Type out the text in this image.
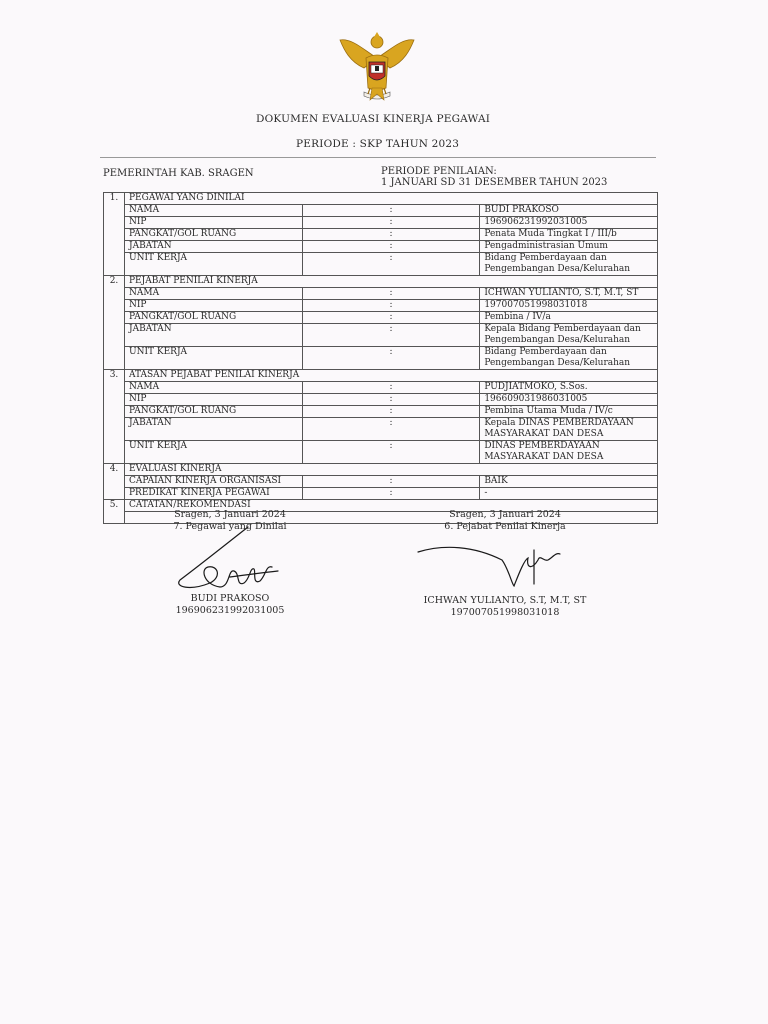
DOKUMEN EVALUASI KINERJA PEGAWAI
PERIODE : SKP TAHUN 2023
PEMERINTAH KAB. SRAGEN	PERIODE PENILAIAN:
1 JANUARI SD 31 DESEMBER TAHUN 2023
1.	PEGAWAI YANG DINILAI		
	NAMA	:	BUDI PRAKOSO
	NIP	:	196906231992031005
	PANGKAT/GOL RUANG	:	Penata Muda Tingkat I / III/b
	JABATAN	:	Pengadministrasian Umum
	UNIT KERJA	:	Bidang Pemberdayaan dan Pengembangan Desa/Kelurahan
2.	PEJABAT PENILAI KINERJA		
	NAMA	:	ICHWAN YULIANTO, S.T, M.T, ST
	NIP	:	197007051998031018
	PANGKAT/GOL RUANG	:	Pembina / IV/a
	JABATAN	:	Kepala Bidang Pemberdayaan dan Pengembangan Desa/Kelurahan
	UNIT KERJA	:	Bidang Pemberdayaan dan Pengembangan Desa/Kelurahan
3.	ATASAN PEJABAT PENILAI KINERJA		
	NAMA	:	PUDJIATMOKO, S.Sos.
	NIP	:	196609031986031005
	PANGKAT/GOL RUANG	:	Pembina Utama Muda / IV/c
	JABATAN	:	Kepala DINAS PEMBERDAYAAN MASYARAKAT DAN DESA
	UNIT KERJA	:	DINAS PEMBERDAYAAN MASYARAKAT DAN DESA
4.	EVALUASI KINERJA		
	CAPAIAN KINERJA ORGANISASI	:	BAIK
	PREDIKAT KINERJA PEGAWAI	:	-
5.	CATATAN/REKOMENDASI		

Sragen, 3 Januari 2024
7. Pegawai yang Dinilai
BUDI PRAKOSO
196906231992031005
Sragen, 3 Januari 2024
6. Pejabat Penilai Kinerja
ICHWAN YULIANTO, S.T, M.T, ST
197007051998031018
